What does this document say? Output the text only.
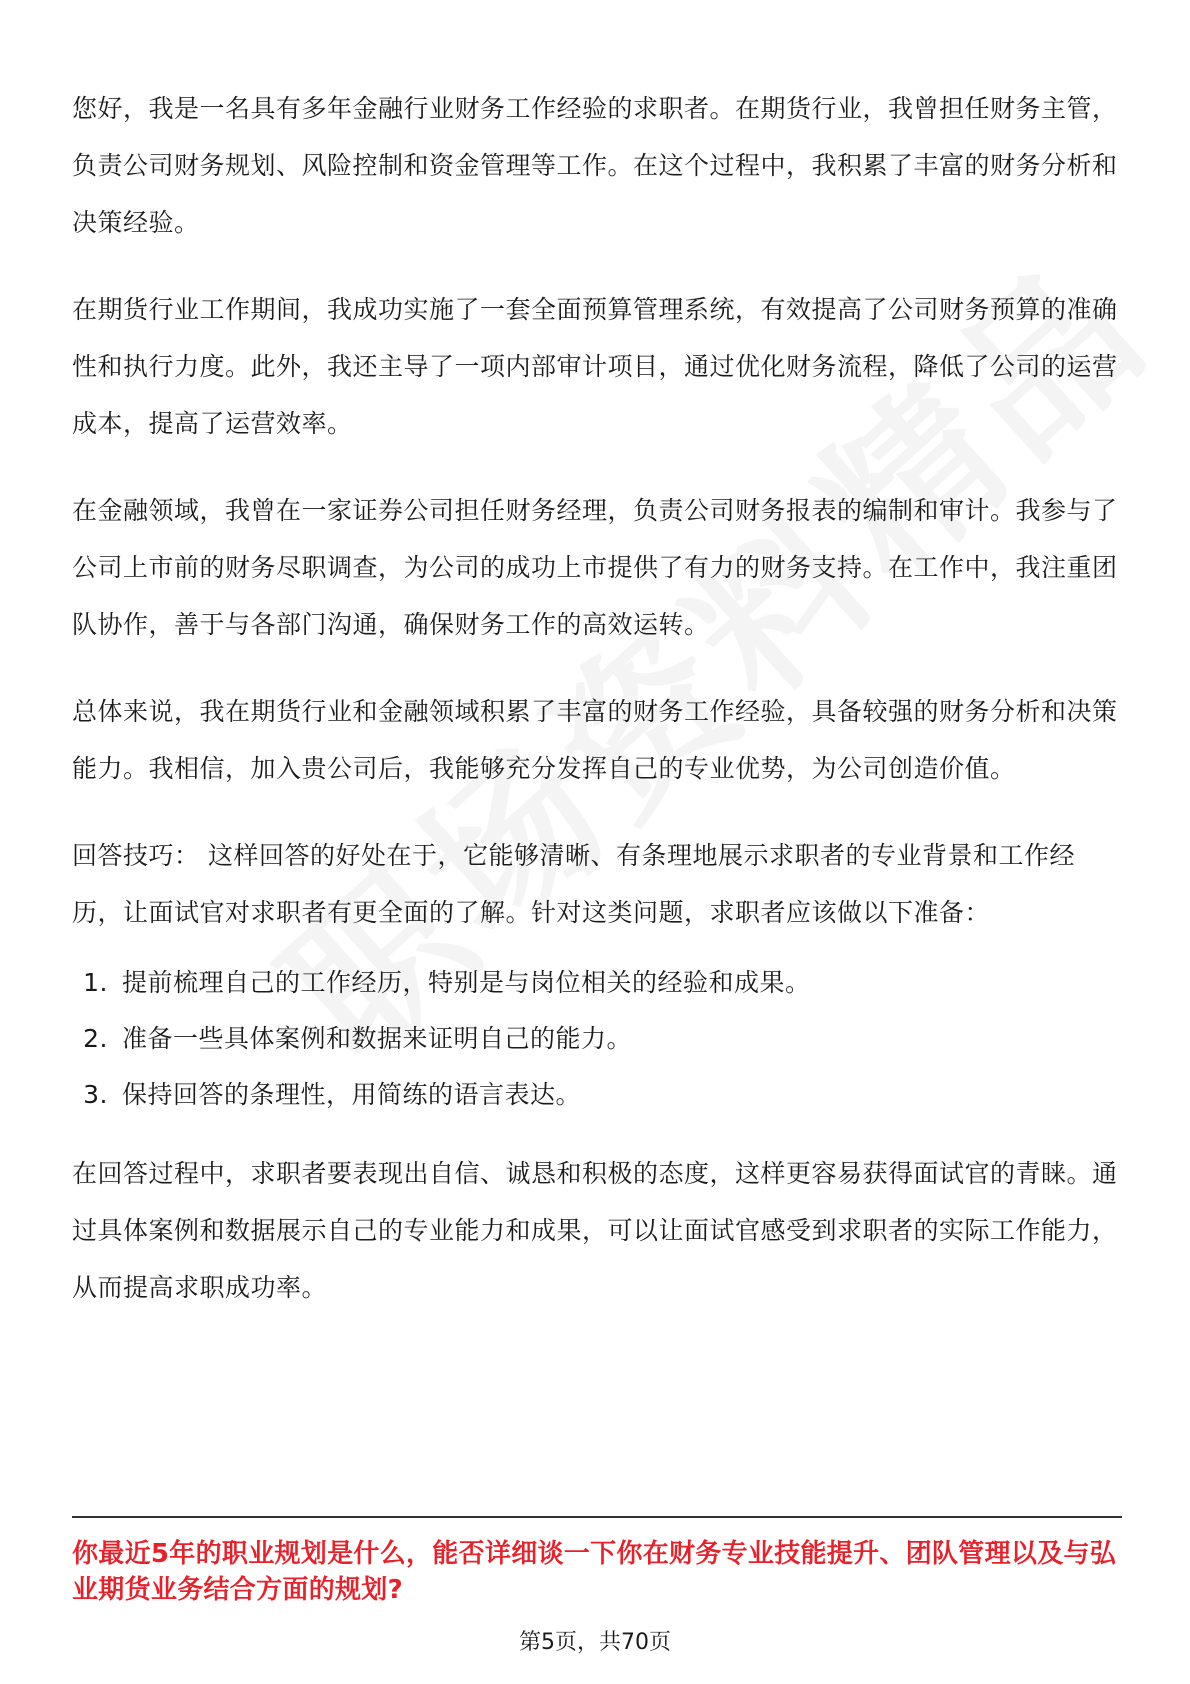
您好，我是一名具有多年金融行业财务工作经验的求职者。在期货行业，我曾担任财务主管，负责公司财务规划、风险控制和资金管理等工作。在这个过程中，我积累了丰富的财务分析和决策经验。

在期货行业工作期间，我成功实施了一套全面预算管理系统，有效提高了公司财务预算的准确性和执行力度。此外，我还主导了一项内部审计项目，通过优化财务流程，降低了公司的运营成本，提高了运营效率。

在金融领域，我曾在一家证券公司担任财务经理，负责公司财务报表的编制和审计。我参与了公司上市前的财务尽职调查，为公司的成功上市提供了有力的财务支持。在工作中，我注重团队协作，善于与各部门沟通，确保财务工作的高效运转。

总体来说，我在期货行业和金融领域积累了丰富的财务工作经验，具备较强的财务分析和决策能力。我相信，加入贵公司后，我能够充分发挥自己的专业优势，为公司创造价值。

回答技巧： 这样回答的好处在于，它能够清晰、有条理地展示求职者的专业背景和工作经历，让面试官对求职者有更全面的了解。针对这类问题，求职者应该做以下准备：

1. 提前梳理自己的工作经历，特别是与岗位相关的经验和成果。
2. 准备一些具体案例和数据来证明自己的能力。
3. 保持回答的条理性，用简练的语言表达。

在回答过程中，求职者要表现出自信、诚恳和积极的态度，这样更容易获得面试官的青睐。通过具体案例和数据展示自己的专业能力和成果，可以让面试官感受到求职者的实际工作能力，从而提高求职成功率。

你最近5年的职业规划是什么，能否详细谈一下你在财务专业技能提升、团队管理以及与弘业期货业务结合方面的规划?
第5页，共70页
